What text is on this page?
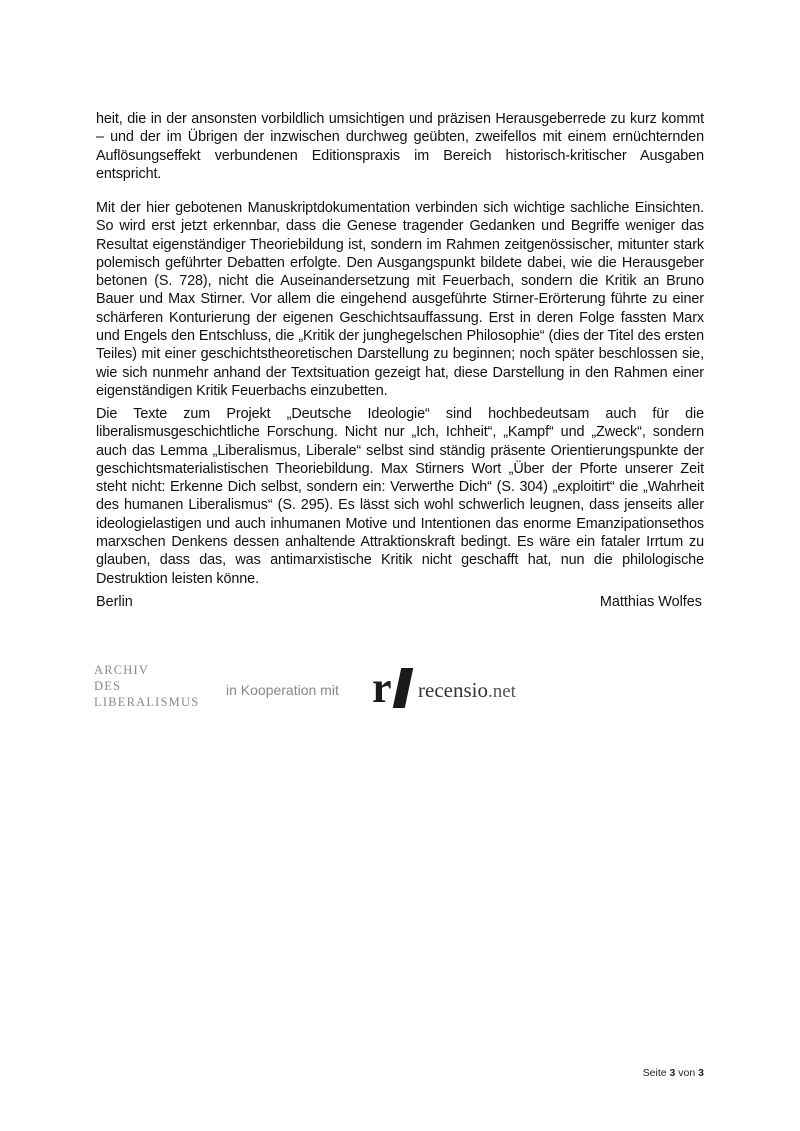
heit, die in der ansonsten vorbildlich umsichtigen und präzisen Herausgeberrede zu kurz kommt – und der im Übrigen der inzwischen durchweg geübten, zweifellos mit einem ernüchternden Auflösungseffekt verbundenen Editionspraxis im Bereich historisch-kritischer Ausgaben entspricht.

Mit der hier gebotenen Manuskriptdokumentation verbinden sich wichtige sachliche Einsichten. So wird erst jetzt erkennbar, dass die Genese tragender Gedanken und Begriffe weniger das Resultat eigenständiger Theoriebildung ist, sondern im Rahmen zeitgenössischer, mitunter stark polemisch geführter Debatten erfolgte. Den Ausgangspunkt bildete dabei, wie die Herausgeber betonen (S. 728), nicht die Auseinandersetzung mit Feuerbach, sondern die Kritik an Bruno Bauer und Max Stirner. Vor allem die eingehend ausgeführte Stirner-Erörterung führte zu einer schärferen Konturierung der eigenen Geschichtsauffassung. Erst in deren Folge fassten Marx und Engels den Entschluss, die „Kritik der junghegelschen Philosophie“ (dies der Titel des ersten Teiles) mit einer geschichtstheoretischen Darstellung zu beginnen; noch später beschlossen sie, wie sich nunmehr anhand der Textsituation gezeigt hat, diese Darstellung in den Rahmen einer eigenständigen Kritik Feuerbachs einzubetten.

Die Texte zum Projekt „Deutsche Ideologie“ sind hochbedeutsam auch für die liberalismusgeschichtliche Forschung. Nicht nur „Ich, Ichheit“, „Kampf“ und „Zweck“, sondern auch das Lemma „Liberalismus, Liberale“ selbst sind ständig präsente Orientierungspunkte der geschichtsmaterialistischen Theoriebildung. Max Stirners Wort „Über der Pforte unserer Zeit steht nicht: Erkenne Dich selbst, sondern ein: Verwerthe Dich“ (S. 304) „exploitirt“ die „Wahrheit des humanen Liberalismus“ (S. 295). Es lässt sich wohl schwerlich leugnen, dass jenseits aller ideologielastigen und auch inhumanen Motive und Intentionen das enorme Emanzipationsethos marxschen Denkens dessen anhaltende Attraktionskraft bedingt. Es wäre ein fataler Irrtum zu glauben, dass das, was antimarxistische Kritik nicht geschafft hat, nun die philologische Destruktion leisten könne.

Berlin	Matthias Wolfes
ARCHIV
DES
LIBERALISMUS
in Kooperation mit r recensio.net
Seite 3 von 3
